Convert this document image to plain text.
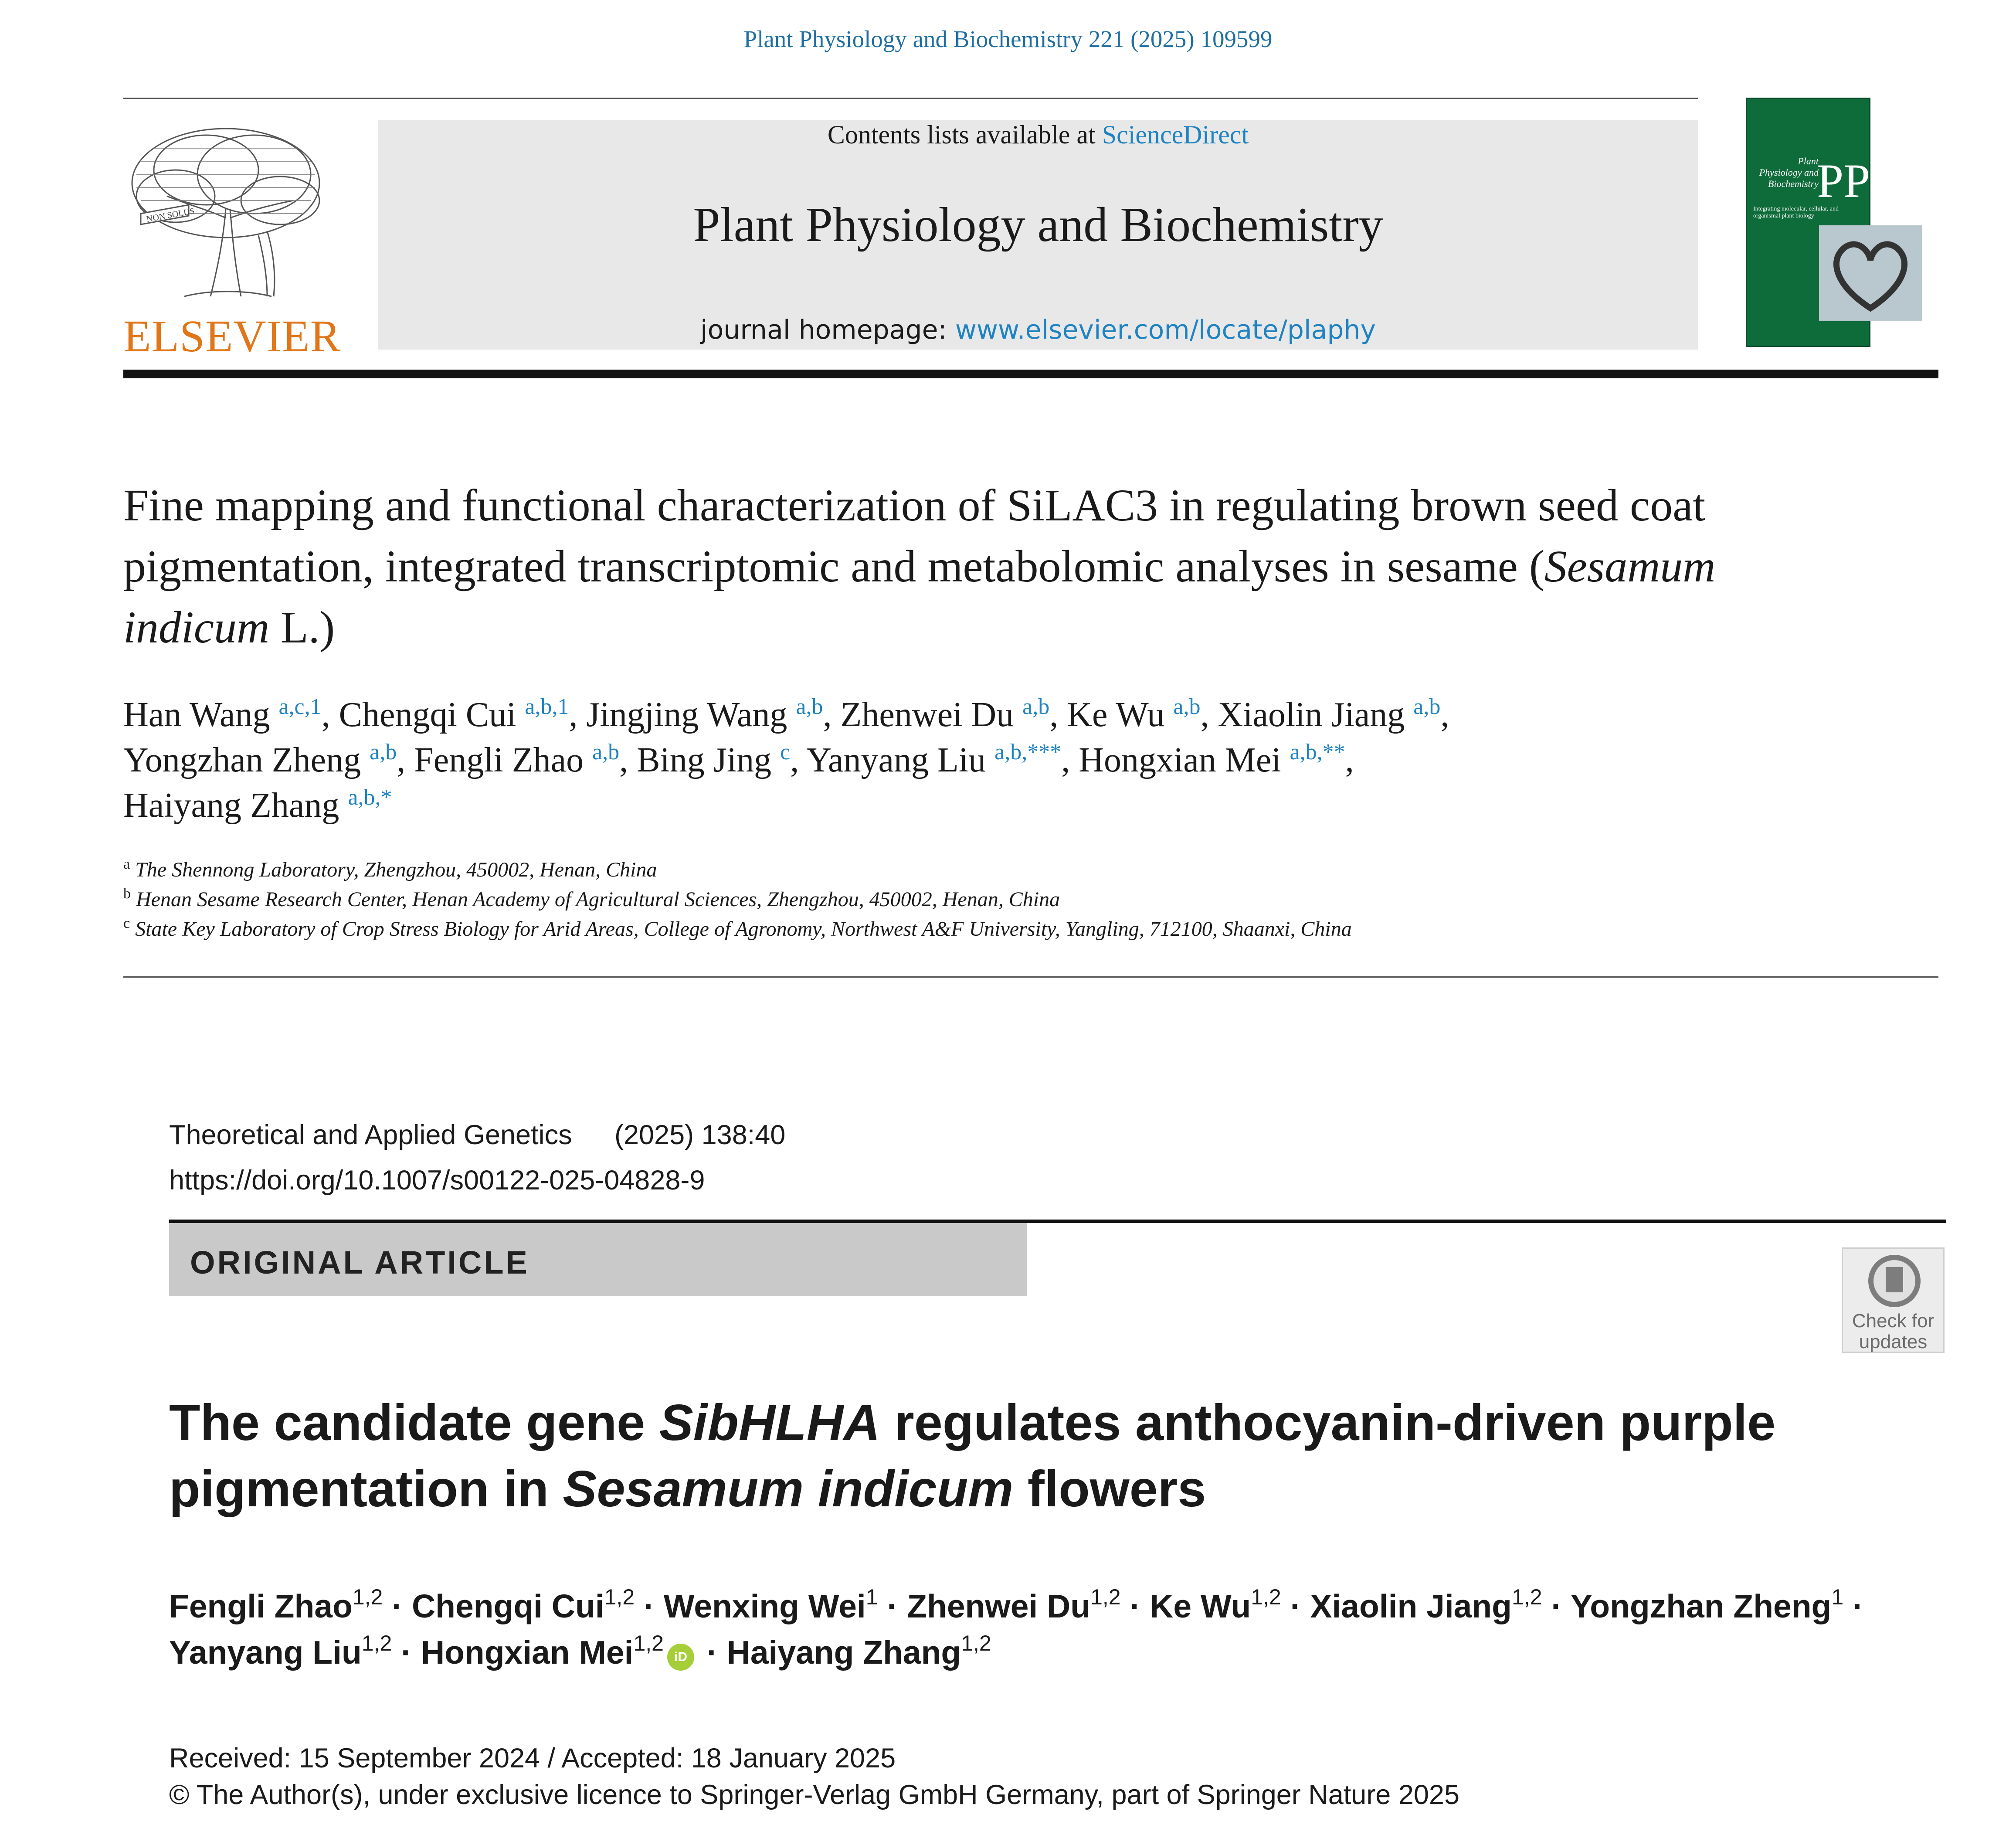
Plant Physiology and Biochemistry 221 (2025) 109599
NON SOLUS
ELSEVIER
Contents lists available at ScienceDirect
Plant Physiology and Biochemistry
journal homepage: www.elsevier.com/locate/plaphy
Plant Physiology and Biochemistry
PPB
Integrating molecular, cellular, and organismal plant biology
Fine mapping and functional characterization of SiLAC3 in regulating brown seed coat pigmentation, integrated transcriptomic and metabolomic analyses in sesame (Sesamum indicum L.)
Han Wang $^{a,c,1}$, Chengqi Cui $^{a,b,1}$, Jingjing Wang $^{a,b}$, Zhenwei Du $^{a,b}$, Ke Wu $^{a,b}$, Xiaolin Jiang $^{a,b}$,
Yongzhan Zheng $^{a,b}$, Fengli Zhao $^{a,b}$, Bing Jing $^c$, Yanyang Liu $^{a,b,***}$, Hongxian Mei $^{a,b,**}$,
Haiyang Zhang $^{a,b,*}$
$^a$ The Shennong Laboratory, Zhengzhou, 450002, Henan, China
$^b$ Henan Sesame Research Center, Henan Academy of Agricultural Sciences, Zhengzhou, 450002, Henan, China
$^c$ State Key Laboratory of Crop Stress Biology for Arid Areas, College of Agronomy, Northwest A&F University, Yangling, 712100, Shaanxi, China
Theoretical and Applied Genetics (2025) 138:40
https://doi.org/10.1007/s00122-025-04828-9
ORIGINAL ARTICLE
Check for updates
The candidate gene SibHLHA regulates anthocyanin-driven purple pigmentation in Sesamum indicum flowers
Fengli Zhao$^{1,2}$ · Chengqi Cui$^{1,2}$ · Wenxing Wei$^1$ · Zhenwei Du$^{1,2}$ · Ke Wu$^{1,2}$ · Xiaolin Jiang$^{1,2}$ · Yongzhan Zheng$^1$ ·
Yanyang Liu$^{1,2}$ · Hongxian Mei$^{1,2}$iD · Haiyang Zhang$^{1,2}$
Received: 15 September 2024 / Accepted: 18 January 2025
© The Author(s), under exclusive licence to Springer-Verlag GmbH Germany, part of Springer Nature 2025
